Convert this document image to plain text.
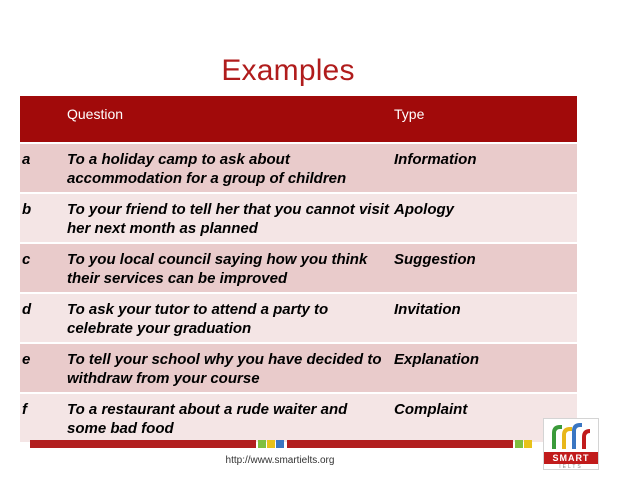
Examples
	Question	Type
a	To a holiday camp to ask about accommodation for a group of children	Information
b	To your friend to tell her that you cannot visit her next month as planned	Apology
c	To you local council saying how you think their services can be improved	Suggestion
d	To ask your tutor to attend a party to celebrate your graduation	Invitation
e	To tell your school why you have decided to withdraw from your course	Explanation
f	To a restaurant about a rude waiter and some bad food	Complaint
http://www.smartielts.org	SMART
IELTS
